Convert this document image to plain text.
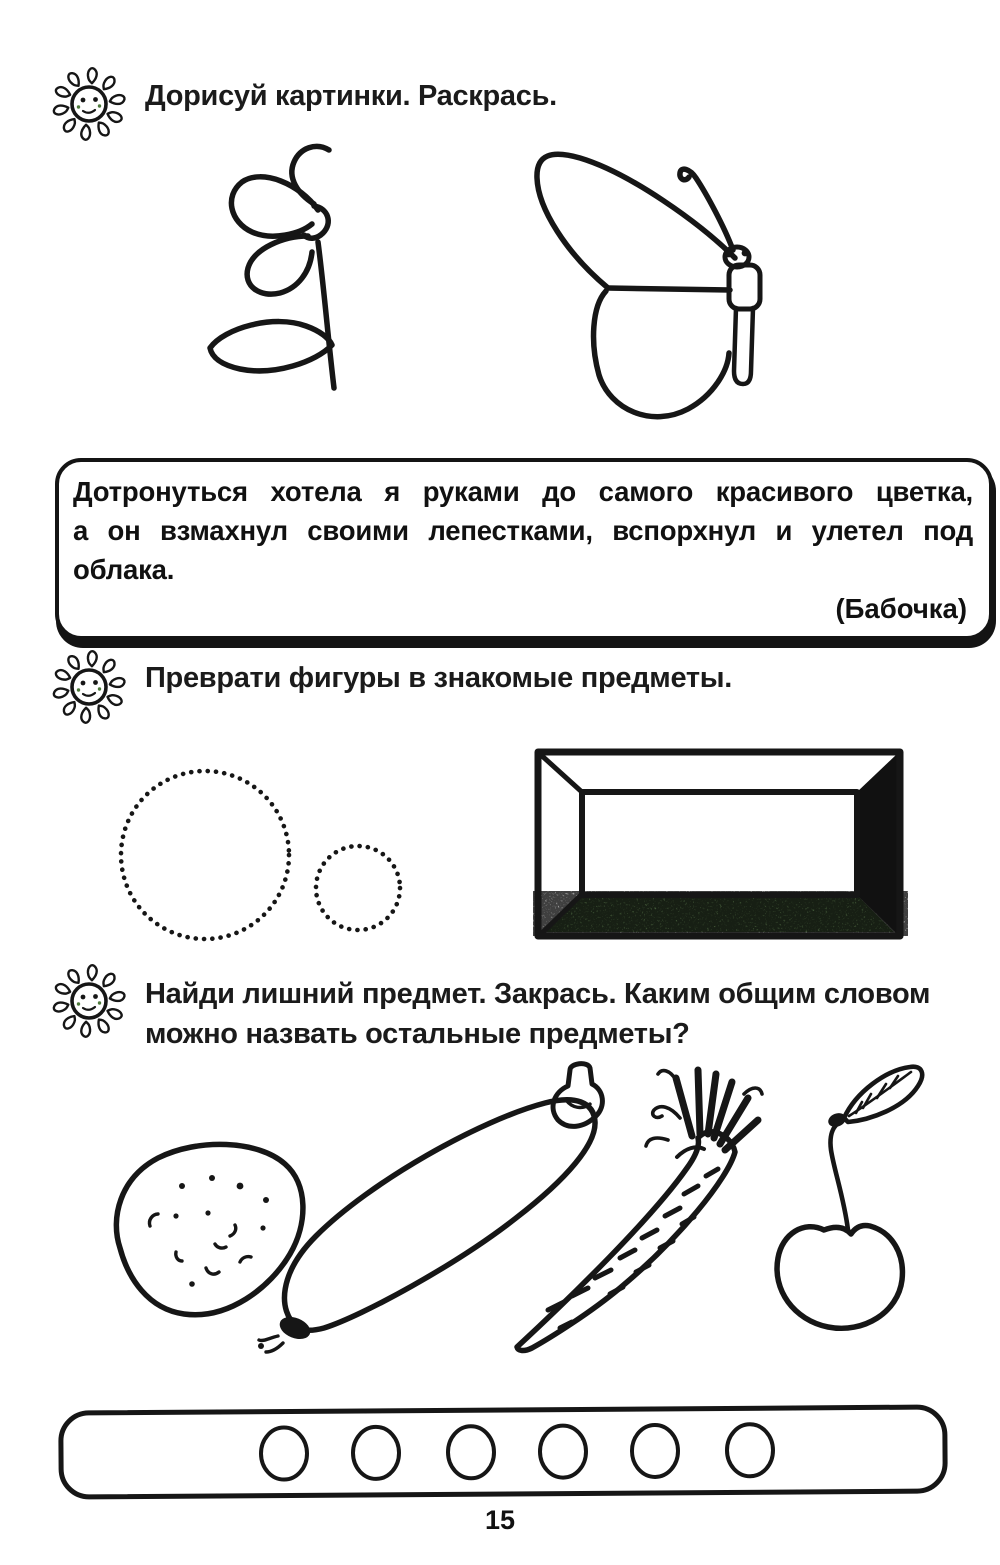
Дорисуй картинки. Раскрась.
Дотронуться хотела я руками до самого красивого цветка,
а он взмахнул своими лепестками, вспорхнул и улетел под
облака.
(Бабочка)
Преврати фигуры в знакомые предметы.
Найди лишний предмет. Закрась. Каким общим словом
можно назвать остальные предметы?
15
